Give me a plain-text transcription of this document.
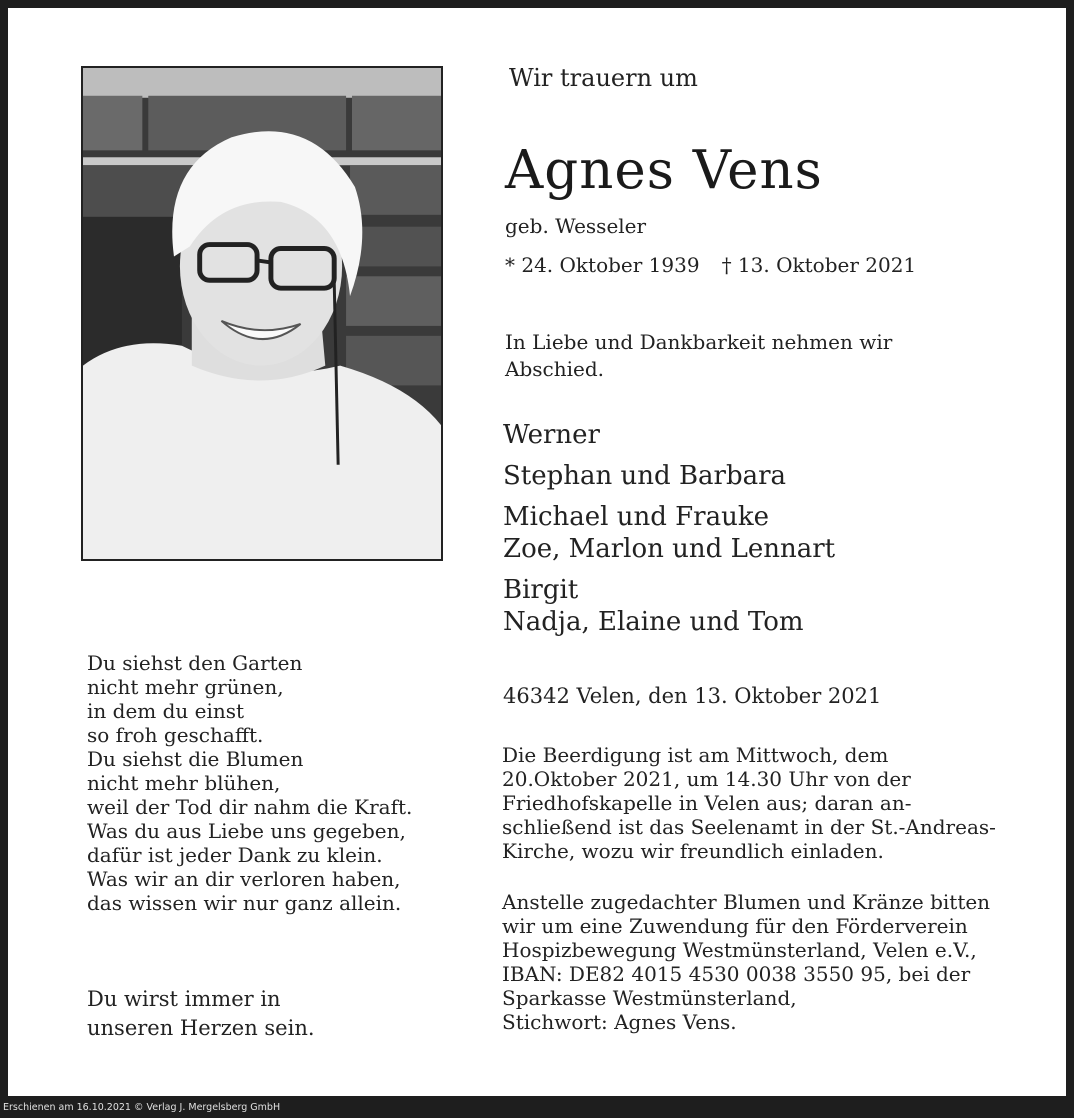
Wir trauern um
Agnes Vens
geb. Wesseler
* 24. Oktober 1939 † 13. Oktober 2021
In Liebe und Dankbarkeit nehmen wir Abschied.
Werner
Stephan und Barbara
Michael und Frauke
Zoe, Marlon und Lennart
Birgit
Nadja, Elaine und Tom
46342 Velen, den 13. Oktober 2021
Die Beerdigung ist am Mittwoch, dem
20.Oktober 2021, um 14.30 Uhr von der
Friedhofskapelle in Velen aus; daran an-
schließend ist das Seelenamt in der St.-Andreas-
Kirche, wozu wir freundlich einladen.
Anstelle zugedachter Blumen und Kränze bitten
wir um eine Zuwendung für den Förderverein
Hospizbewegung Westmünsterland, Velen e.V.,
IBAN: DE82 4015 4530 0038 3550 95, bei der
Sparkasse Westmünsterland,
Stichwort: Agnes Vens.
Du siehst den Garten
nicht mehr grünen,
in dem du einst
so froh geschafft.
Du siehst die Blumen
nicht mehr blühen,
weil der Tod dir nahm die Kraft.
Was du aus Liebe uns gegeben,
dafür ist jeder Dank zu klein.
Was wir an dir verloren haben,
das wissen wir nur ganz allein.
Du wirst immer in
unseren Herzen sein.
Erschienen am 16.10.2021 © Verlag J. Mergelsberg GmbH
